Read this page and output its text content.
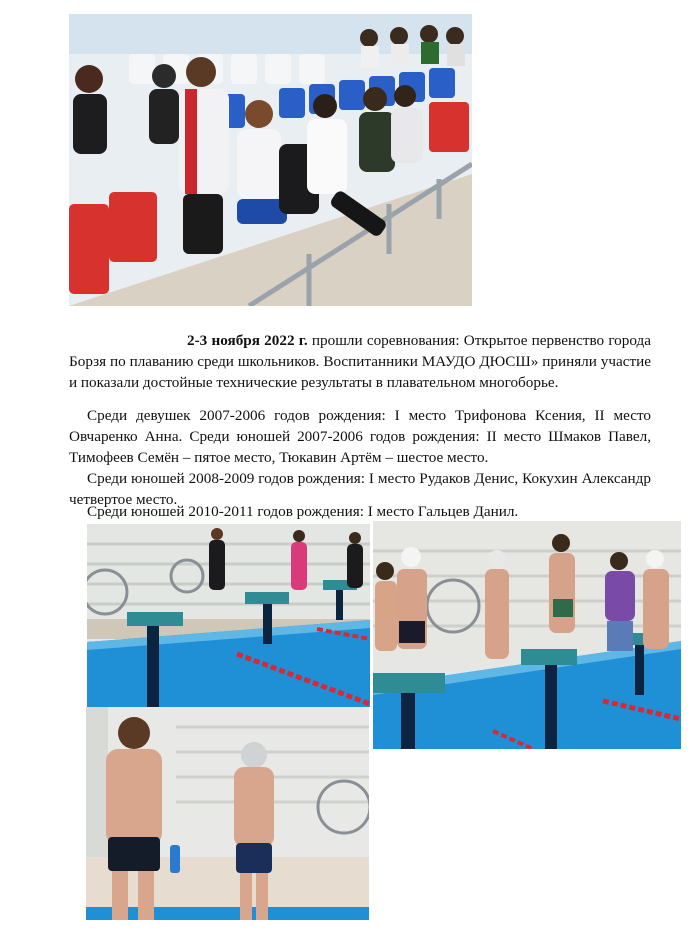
2-3 ноября 2022 г. прошли соревнования: Открытое первенство города Борзя по плаванию среди школьников. Воспитанники МАУДО ДЮСШ» приняли участие и показали достойные технические результаты в плавательном многоборье.

Среди девушек 2007-2006 годов рождения: I место Трифонова Ксения, II место Овчаренко Анна. Среди юношей 2007-2006 годов рождения: II место Шмаков Павел, Тимофеев Семён – пятое место, Тюкавин Артём – шестое место.
Среди юношей 2008-2009 годов рождения: I место Рудаков Денис, Кокухин Александр четвертое место.
Среди юношей 2010-2011 годов рождения: I место Гальцев Данил.
